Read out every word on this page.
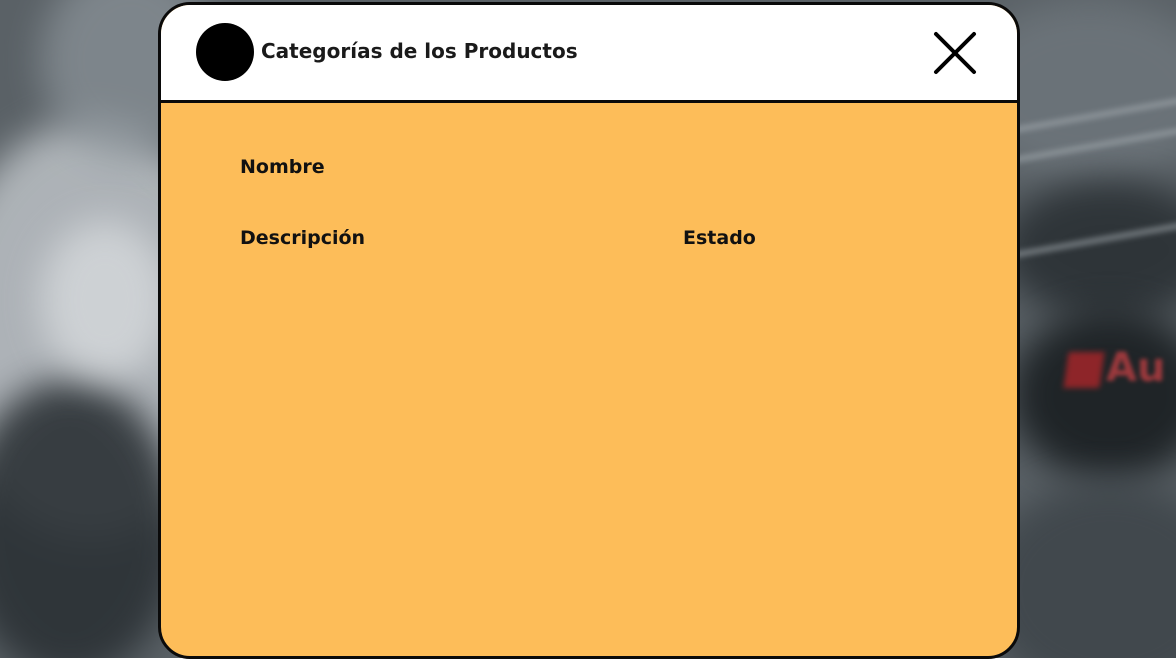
Au
Categorías de los Productos
Nombre
Descripción	Estado
